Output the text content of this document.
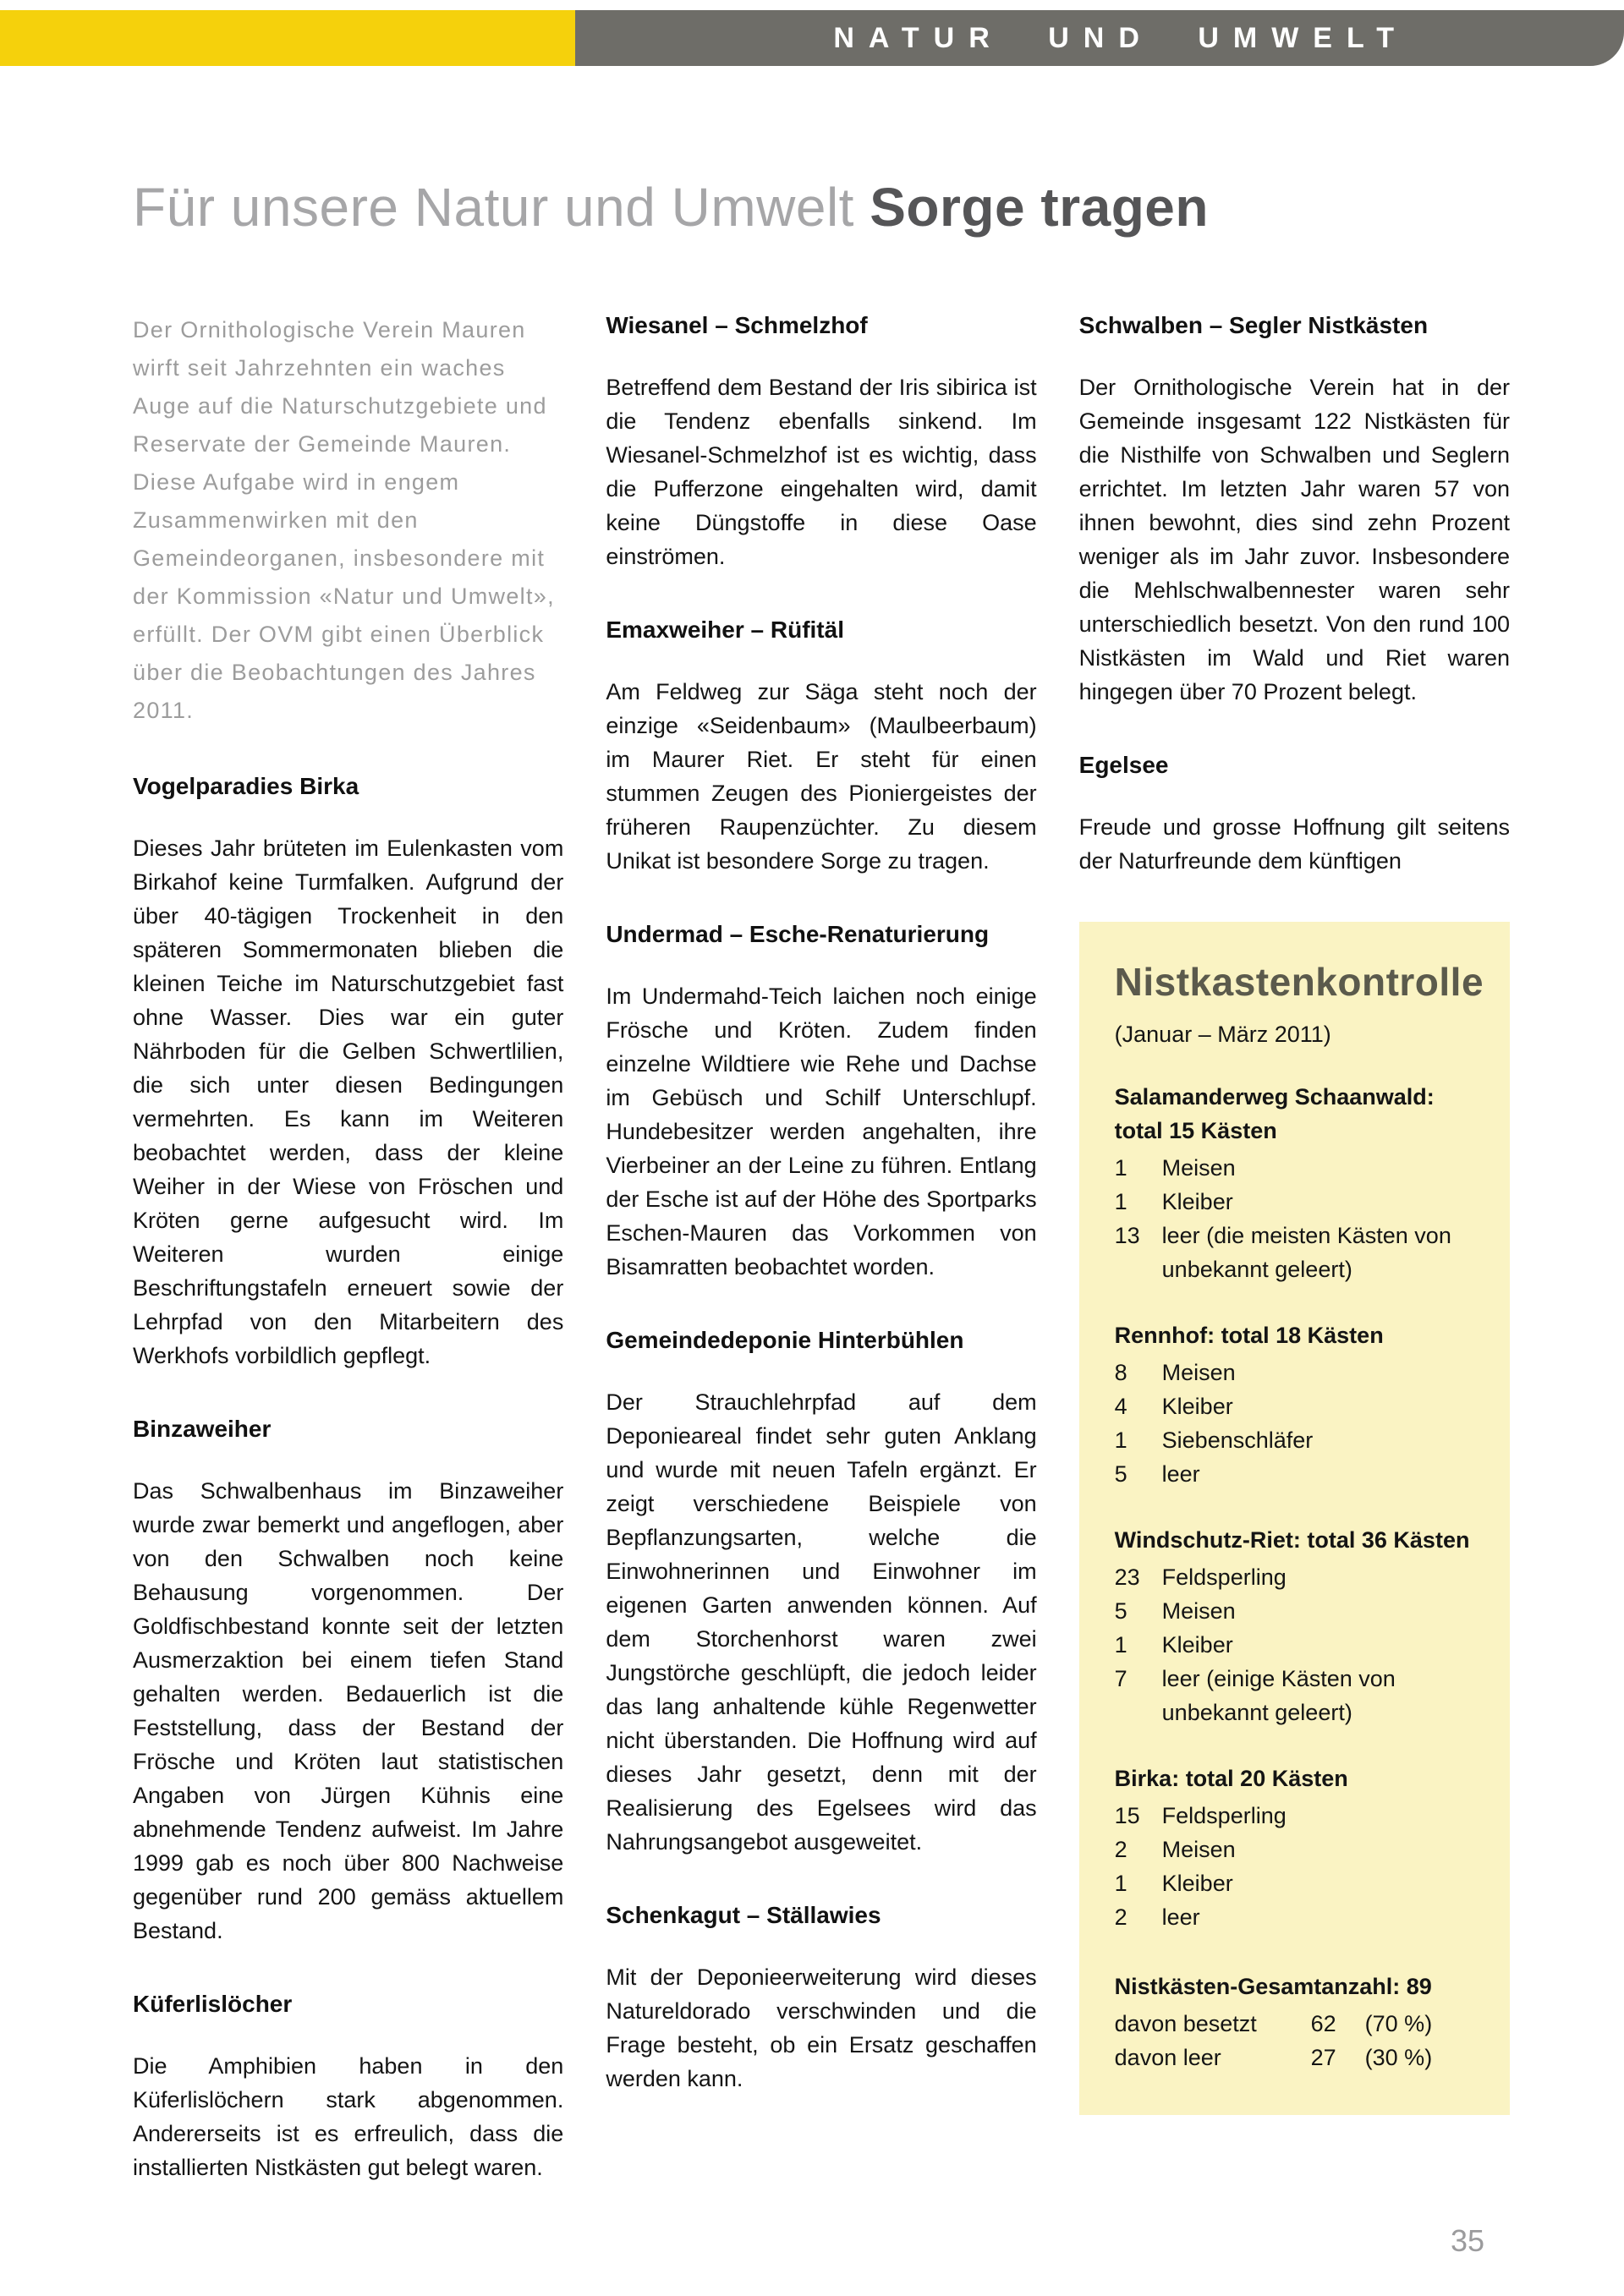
NATUR UND UMWELT
Für unsere Natur und Umwelt Sorge tragen

Der Ornithologische Verein Mauren wirft seit Jahrzehnten ein waches Auge auf die Naturschutzgebiete und Reservate der Gemeinde Mauren. Diese Aufgabe wird in engem Zusammenwirken mit den Gemeindeorganen, insbesondere mit der Kommission «Natur und Umwelt», erfüllt. Der OVM gibt einen Überblick über die Beobachtungen des Jahres 2011.

Vogelparadies Birka

Dieses Jahr brüteten im Eulenkasten vom Birkahof keine Turmfalken. Aufgrund der über 40-tägigen Trockenheit in den späteren Sommermonaten blieben die kleinen Teiche im Naturschutzgebiet fast ohne Wasser. Dies war ein guter Nährboden für die Gelben Schwertlilien, die sich unter diesen Bedingungen vermehrten. Es kann im Weiteren beobachtet werden, dass der kleine Weiher in der Wiese von Fröschen und Kröten gerne aufgesucht wird. Im Weiteren wurden einige Beschriftungstafeln erneuert sowie der Lehrpfad von den Mitarbeitern des Werkhofs vorbildlich gepflegt.

Binzaweiher

Das Schwalbenhaus im Binzaweiher wurde zwar bemerkt und angeflogen, aber von den Schwalben noch keine Behausung vorgenommen. Der Goldfischbestand konnte seit der letzten Ausmerzaktion bei einem tiefen Stand gehalten werden. Bedauerlich ist die Feststellung, dass der Bestand der Frösche und Kröten laut statistischen Angaben von Jürgen Kühnis eine abnehmende Tendenz aufweist. Im Jahre 1999 gab es noch über 800 Nachweise gegenüber rund 200 gemäss aktuellem Bestand.

Küferlislöcher

Die Amphibien haben in den Küferlislöchern stark abgenommen. Andererseits ist es erfreulich, dass die installierten Nistkästen gut belegt waren.

Wiesanel – Schmelzhof

Betreffend dem Bestand der Iris sibirica ist die Tendenz ebenfalls sinkend. Im Wiesanel-Schmelzhof ist es wichtig, dass die Pufferzone eingehalten wird, damit keine Düngstoffe in diese Oase einströmen.

Emaxweiher – Rüfitäl

Am Feldweg zur Säga steht noch der einzige «Seidenbaum» (Maulbeerbaum) im Maurer Riet. Er steht für einen stummen Zeugen des Pioniergeistes der früheren Raupenzüchter. Zu diesem Unikat ist besondere Sorge zu tragen.

Undermad – Esche-Renaturierung

Im Undermahd-Teich laichen noch einige Frösche und Kröten. Zudem finden einzelne Wildtiere wie Rehe und Dachse im Gebüsch und Schilf Unterschlupf. Hundebesitzer werden angehalten, ihre Vierbeiner an der Leine zu führen. Entlang der Esche ist auf der Höhe des Sportparks Eschen-Mauren das Vorkommen von Bisamratten beobachtet worden.

Gemeindedeponie Hinterbühlen

Der Strauchlehrpfad auf dem Deponieareal findet sehr guten Anklang und wurde mit neuen Tafeln ergänzt. Er zeigt verschiedene Beispiele von Bepflanzungsarten, welche die Einwohnerinnen und Einwohner im eigenen Garten anwenden können. Auf dem Storchenhorst waren zwei Jungstörche geschlüpft, die jedoch leider das lang anhaltende kühle Regenwetter nicht überstanden. Die Hoffnung wird auf dieses Jahr gesetzt, denn mit der Realisierung des Egelsees wird das Nahrungsangebot ausgeweitet.

Schenkagut – Ställawies

Mit der Deponieerweiterung wird dieses Natureldorado verschwinden und die Frage besteht, ob ein Ersatz geschaffen werden kann.

Schwalben – Segler Nistkästen

Der Ornithologische Verein hat in der Gemeinde insgesamt 122 Nistkästen für die Nisthilfe von Schwalben und Seglern errichtet. Im letzten Jahr waren 57 von ihnen bewohnt, dies sind zehn Prozent weniger als im Jahr zuvor. Insbesondere die Mehlschwalbennester waren sehr unterschiedlich besetzt. Von den rund 100 Nistkästen im Wald und Riet waren hingegen über 70 Prozent belegt.

Egelsee

Freude und grosse Hoffnung gilt seitens der Naturfreunde dem künftigen

Nistkastenkontrolle
(Januar – März 2011)
Salamanderweg Schaanwald: total 15 Kästen
1	Meisen
1	Kleiber
13 leer (die meisten Kästen von unbekannt geleert)
Rennhof: total 18 Kästen
8	Meisen
4	Kleiber
1	Siebenschläfer
5	leer
Windschutz-Riet: total 36 Kästen
23 Feldsperling
5	Meisen
1	Kleiber
7	leer (einige Kästen von unbekannt geleert)
Birka: total 20 Kästen
15 Feldsperling
2	Meisen
1	Kleiber
2	leer
Nistkästen-Gesamtanzahl: 89
davon besetzt	62	(70 %)
davon leer	27	(30 %)
35
